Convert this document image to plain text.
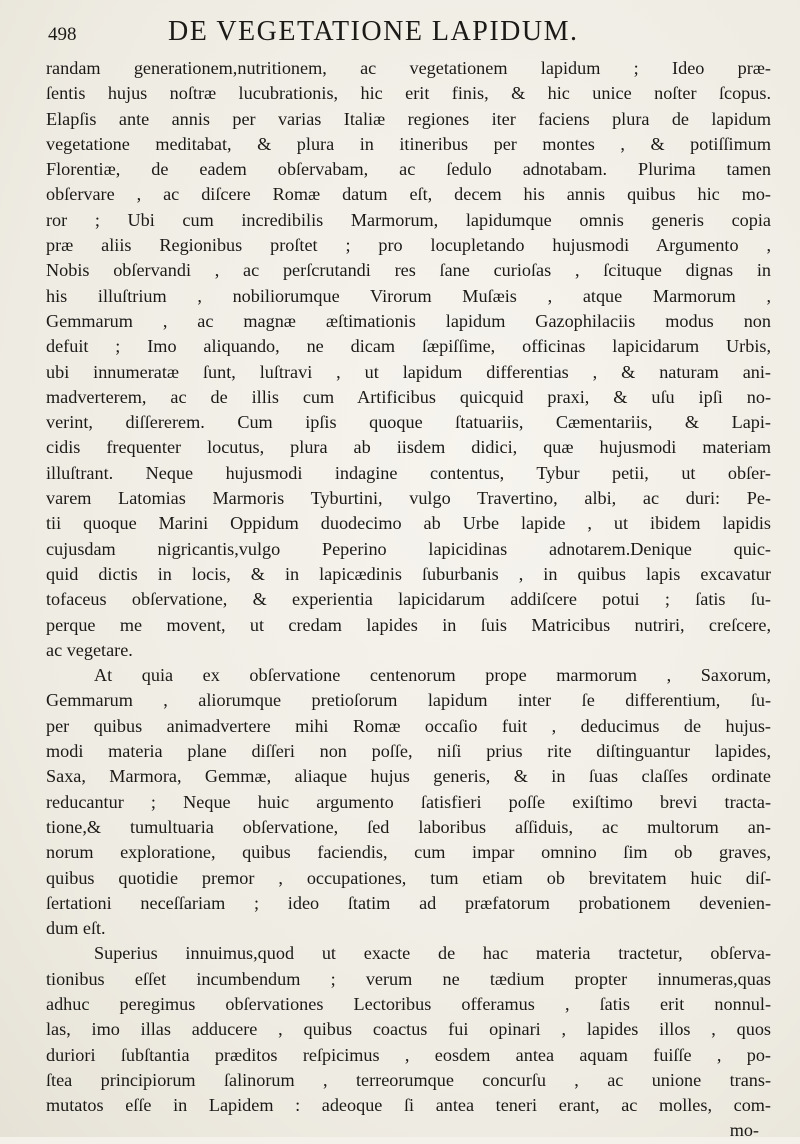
498	DE VEGETATIONE LAPIDUM.
randam generationem,nutritionem, ac vegetationem lapidum ; Ideo præ-
ſentis hujus noſtræ lucubrationis, hic erit finis, & hic unice noſter ſcopus.
Elapſis ante annis per varias Italiæ regiones iter faciens plura de lapidum
vegetatione meditabat, & plura in itineribus per montes , & potiſſimum
Florentiæ, de eadem obſervabam, ac ſedulo adnotabam. Plurima tamen
obſervare , ac diſcere Romæ datum eſt, decem his annis quibus hic mo-
ror ; Ubi cum incredibilis Marmorum, lapidumque omnis generis copia
præ aliis Regionibus proſtet ; pro locupletando hujusmodi Argumento ,
Nobis obſervandi , ac perſcrutandi res ſane curioſas , ſcituque dignas in
his illuſtrium , nobiliorumque Virorum Muſæis , atque Marmorum ,
Gemmarum , ac magnæ æſtimationis lapidum Gazophilaciis modus non
defuit ; Imo aliquando, ne dicam ſæpiſſime, officinas lapicidarum Urbis,
ubi innumeratæ ſunt, luſtravi , ut lapidum differentias , & naturam ani-
madverterem, ac de illis cum Artificibus quicquid praxi, & uſu ipſi no-
verint, diſſererem. Cum ipſis quoque ſtatuariis, Cæmentariis, & Lapi-
cidis frequenter locutus, plura ab iisdem didici, quæ hujusmodi materiam
illuſtrant. Neque hujusmodi indagine contentus, Tybur petii, ut obſer-
varem Latomias Marmoris Tyburtini, vulgo Travertino, albi, ac duri: Pe-
tii quoque Marini Oppidum duodecimo ab Urbe lapide , ut ibidem lapidis
cujusdam nigricantis,vulgo Peperino lapicidinas adnotarem.Denique quic-
quid dictis in locis, & in lapicædinis ſuburbanis , in quibus lapis excavatur
tofaceus obſervatione, & experientia lapicidarum addiſcere potui ; ſatis ſu-
perque me movent, ut credam lapides in ſuis Matricibus nutriri, creſcere,
ac vegetare.
At quia ex obſervatione centenorum prope marmorum , Saxorum,
Gemmarum , aliorumque pretioſorum lapidum inter ſe differentium, ſu-
per quibus animadvertere mihi Romæ occaſio fuit , deducimus de hujus-
modi materia plane diſſeri non poſſe, niſi prius rite diſtinguantur lapides,
Saxa, Marmora, Gemmæ, aliaque hujus generis, & in ſuas claſſes ordinate
reducantur ; Neque huic argumento ſatisfieri poſſe exiſtimo brevi tracta-
tione,& tumultuaria obſervatione, ſed laboribus aſſiduis, ac multorum an-
norum exploratione, quibus faciendis, cum impar omnino ſim ob graves,
quibus quotidie premor , occupationes, tum etiam ob brevitatem huic diſ-
ſertationi neceſſariam ; ideo ſtatim ad præfatorum probationem devenien-
dum eſt.
Superius innuimus,quod ut exacte de hac materia tractetur, obſerva-
tionibus eſſet incumbendum ; verum ne tædium propter innumeras,quas
adhuc peregimus obſervationes Lectoribus offeramus , ſatis erit nonnul-
las, imo illas adducere , quibus coactus fui opinari , lapides illos , quos
duriori ſubſtantia præditos reſpicimus , eosdem antea aquam fuiſſe , po-
ſtea principiorum ſalinorum , terreorumque concurſu , ac unione trans-
mutatos eſſe in Lapidem : adeoque ſi antea teneri erant, ac molles, com-
mo-
